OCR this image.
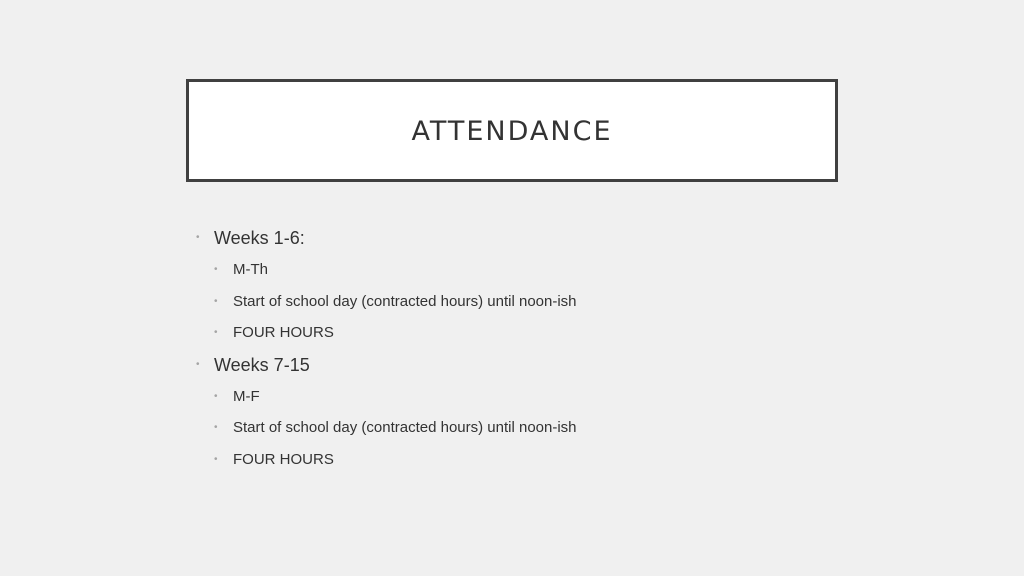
ATTENDANCE
• Weeks 1-6:
• M-Th
• Start of school day (contracted hours) until noon-ish
• FOUR HOURS
• Weeks 7-15
• M-F
• Start of school day (contracted hours) until noon-ish
• FOUR HOURS
